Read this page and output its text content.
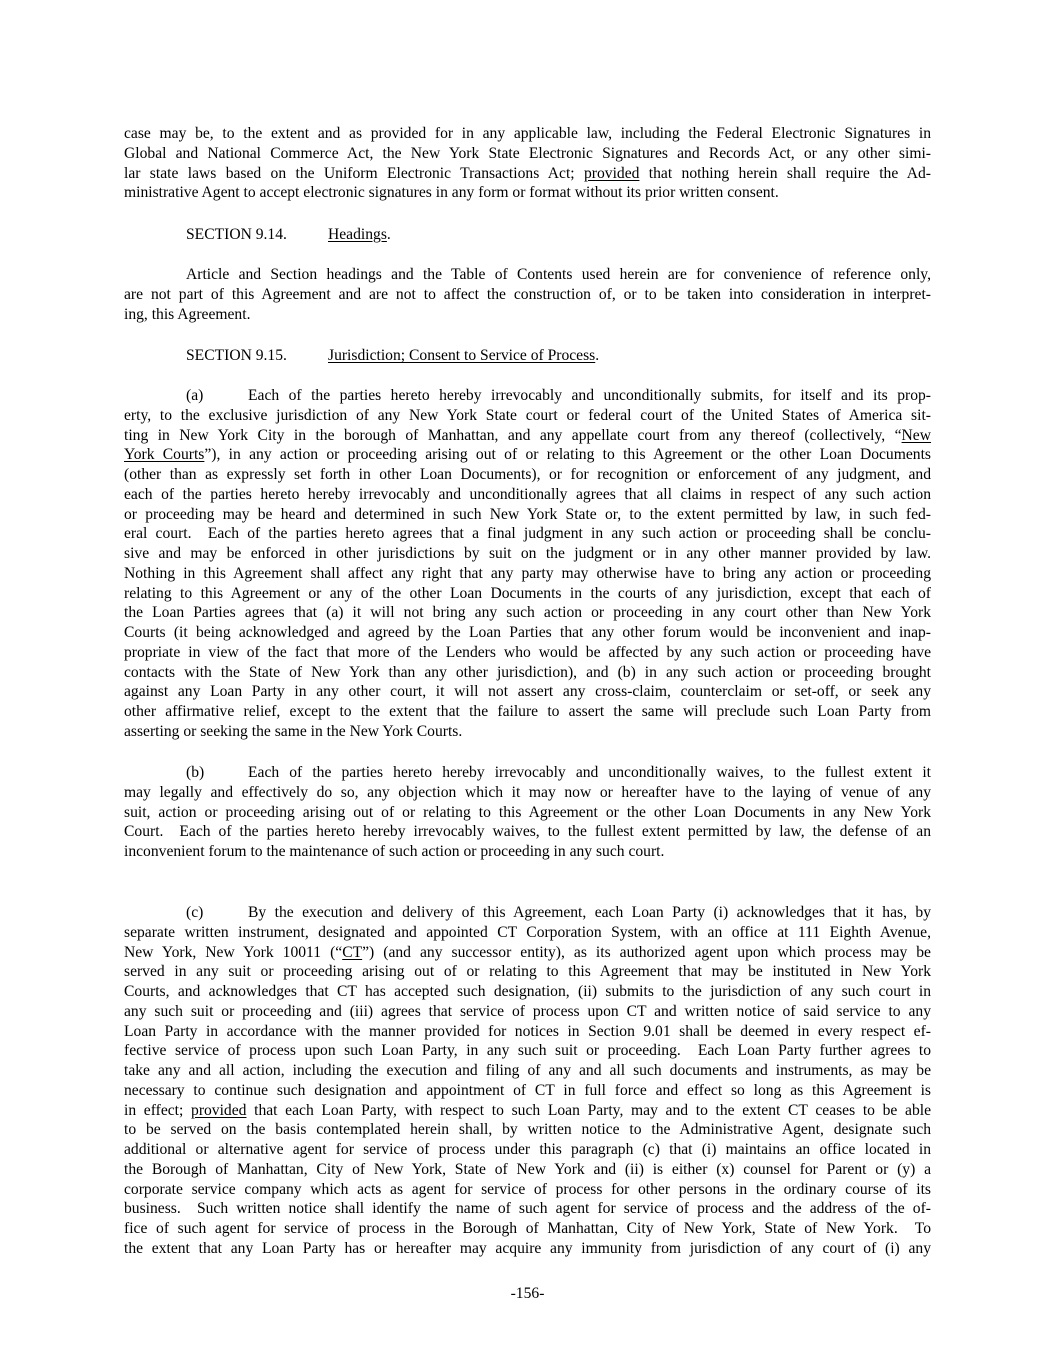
case may be, to the extent and as provided for in any applicable law, including the Federal Electronic Signatures in
Global and National Commerce Act, the New York State Electronic Signatures and Records Act, or any other simi-
lar state laws based on the Uniform Electronic Transactions Act; provided that nothing herein shall require the Ad-
ministrative Agent to accept electronic signatures in any form or format without its prior written consent.
SECTION 9.14.	Headings.
Article and Section headings and the Table of Contents used herein are for convenience of reference only,
are not part of this Agreement and are not to affect the construction of, or to be taken into consideration in interpret-
ing, this Agreement.
SECTION 9.15.	Jurisdiction; Consent to Service of Process.
(a)	Each of the parties hereto hereby irrevocably and unconditionally submits, for itself and its prop-
erty, to the exclusive jurisdiction of any New York State court or federal court of the United States of America sit-
ting in New York City in the borough of Manhattan, and any appellate court from any thereof (collectively, “New
York Courts”), in any action or proceeding arising out of or relating to this Agreement or the other Loan Documents
(other than as expressly set forth in other Loan Documents), or for recognition or enforcement of any judgment, and
each of the parties hereto hereby irrevocably and unconditionally agrees that all claims in respect of any such action
or proceeding may be heard and determined in such New York State or, to the extent permitted by law, in such fed-
eral court.  Each of the parties hereto agrees that a final judgment in any such action or proceeding shall be conclu-
sive and may be enforced in other jurisdictions by suit on the judgment or in any other manner provided by law.
Nothing in this Agreement shall affect any right that any party may otherwise have to bring any action or proceeding
relating to this Agreement or any of the other Loan Documents in the courts of any jurisdiction, except that each of
the Loan Parties agrees that (a) it will not bring any such action or proceeding in any court other than New York
Courts (it being acknowledged and agreed by the Loan Parties that any other forum would be inconvenient and inap-
propriate in view of the fact that more of the Lenders who would be affected by any such action or proceeding have
contacts with the State of New York than any other jurisdiction), and (b) in any such action or proceeding brought
against any Loan Party in any other court, it will not assert any cross-claim, counterclaim or set-off, or seek any
other affirmative relief, except to the extent that the failure to assert the same will preclude such Loan Party from
asserting or seeking the same in the New York Courts.
(b)	Each of the parties hereto hereby irrevocably and unconditionally waives, to the fullest extent it
may legally and effectively do so, any objection which it may now or hereafter have to the laying of venue of any
suit, action or proceeding arising out of or relating to this Agreement or the other Loan Documents in any New York
Court.  Each of the parties hereto hereby irrevocably waives, to the fullest extent permitted by law, the defense of an
inconvenient forum to the maintenance of such action or proceeding in any such court.
(c)	By the execution and delivery of this Agreement, each Loan Party (i) acknowledges that it has, by
separate written instrument, designated and appointed CT Corporation System, with an office at 111 Eighth Avenue,
New York, New York 10011 (“CT”) (and any successor entity), as its authorized agent upon which process may be
served in any suit or proceeding arising out of or relating to this Agreement that may be instituted in New York
Courts, and acknowledges that CT has accepted such designation, (ii) submits to the jurisdiction of any such court in
any such suit or proceeding and (iii) agrees that service of process upon CT and written notice of said service to any
Loan Party in accordance with the manner provided for notices in Section 9.01 shall be deemed in every respect ef-
fective service of process upon such Loan Party, in any such suit or proceeding.  Each Loan Party further agrees to
take any and all action, including the execution and filing of any and all such documents and instruments, as may be
necessary to continue such designation and appointment of CT in full force and effect so long as this Agreement is
in effect; provided that each Loan Party, with respect to such Loan Party, may and to the extent CT ceases to be able
to be served on the basis contemplated herein shall, by written notice to the Administrative Agent, designate such
additional or alternative agent for service of process under this paragraph (c) that (i) maintains an office located in
the Borough of Manhattan, City of New York, State of New York and (ii) is either (x) counsel for Parent or (y) a
corporate service company which acts as agent for service of process for other persons in the ordinary course of its
business.  Such written notice shall identify the name of such agent for service of process and the address of the of-
fice of such agent for service of process in the Borough of Manhattan, City of New York, State of New York.  To
the extent that any Loan Party has or hereafter may acquire any immunity from jurisdiction of any court of (i) any
-156-
